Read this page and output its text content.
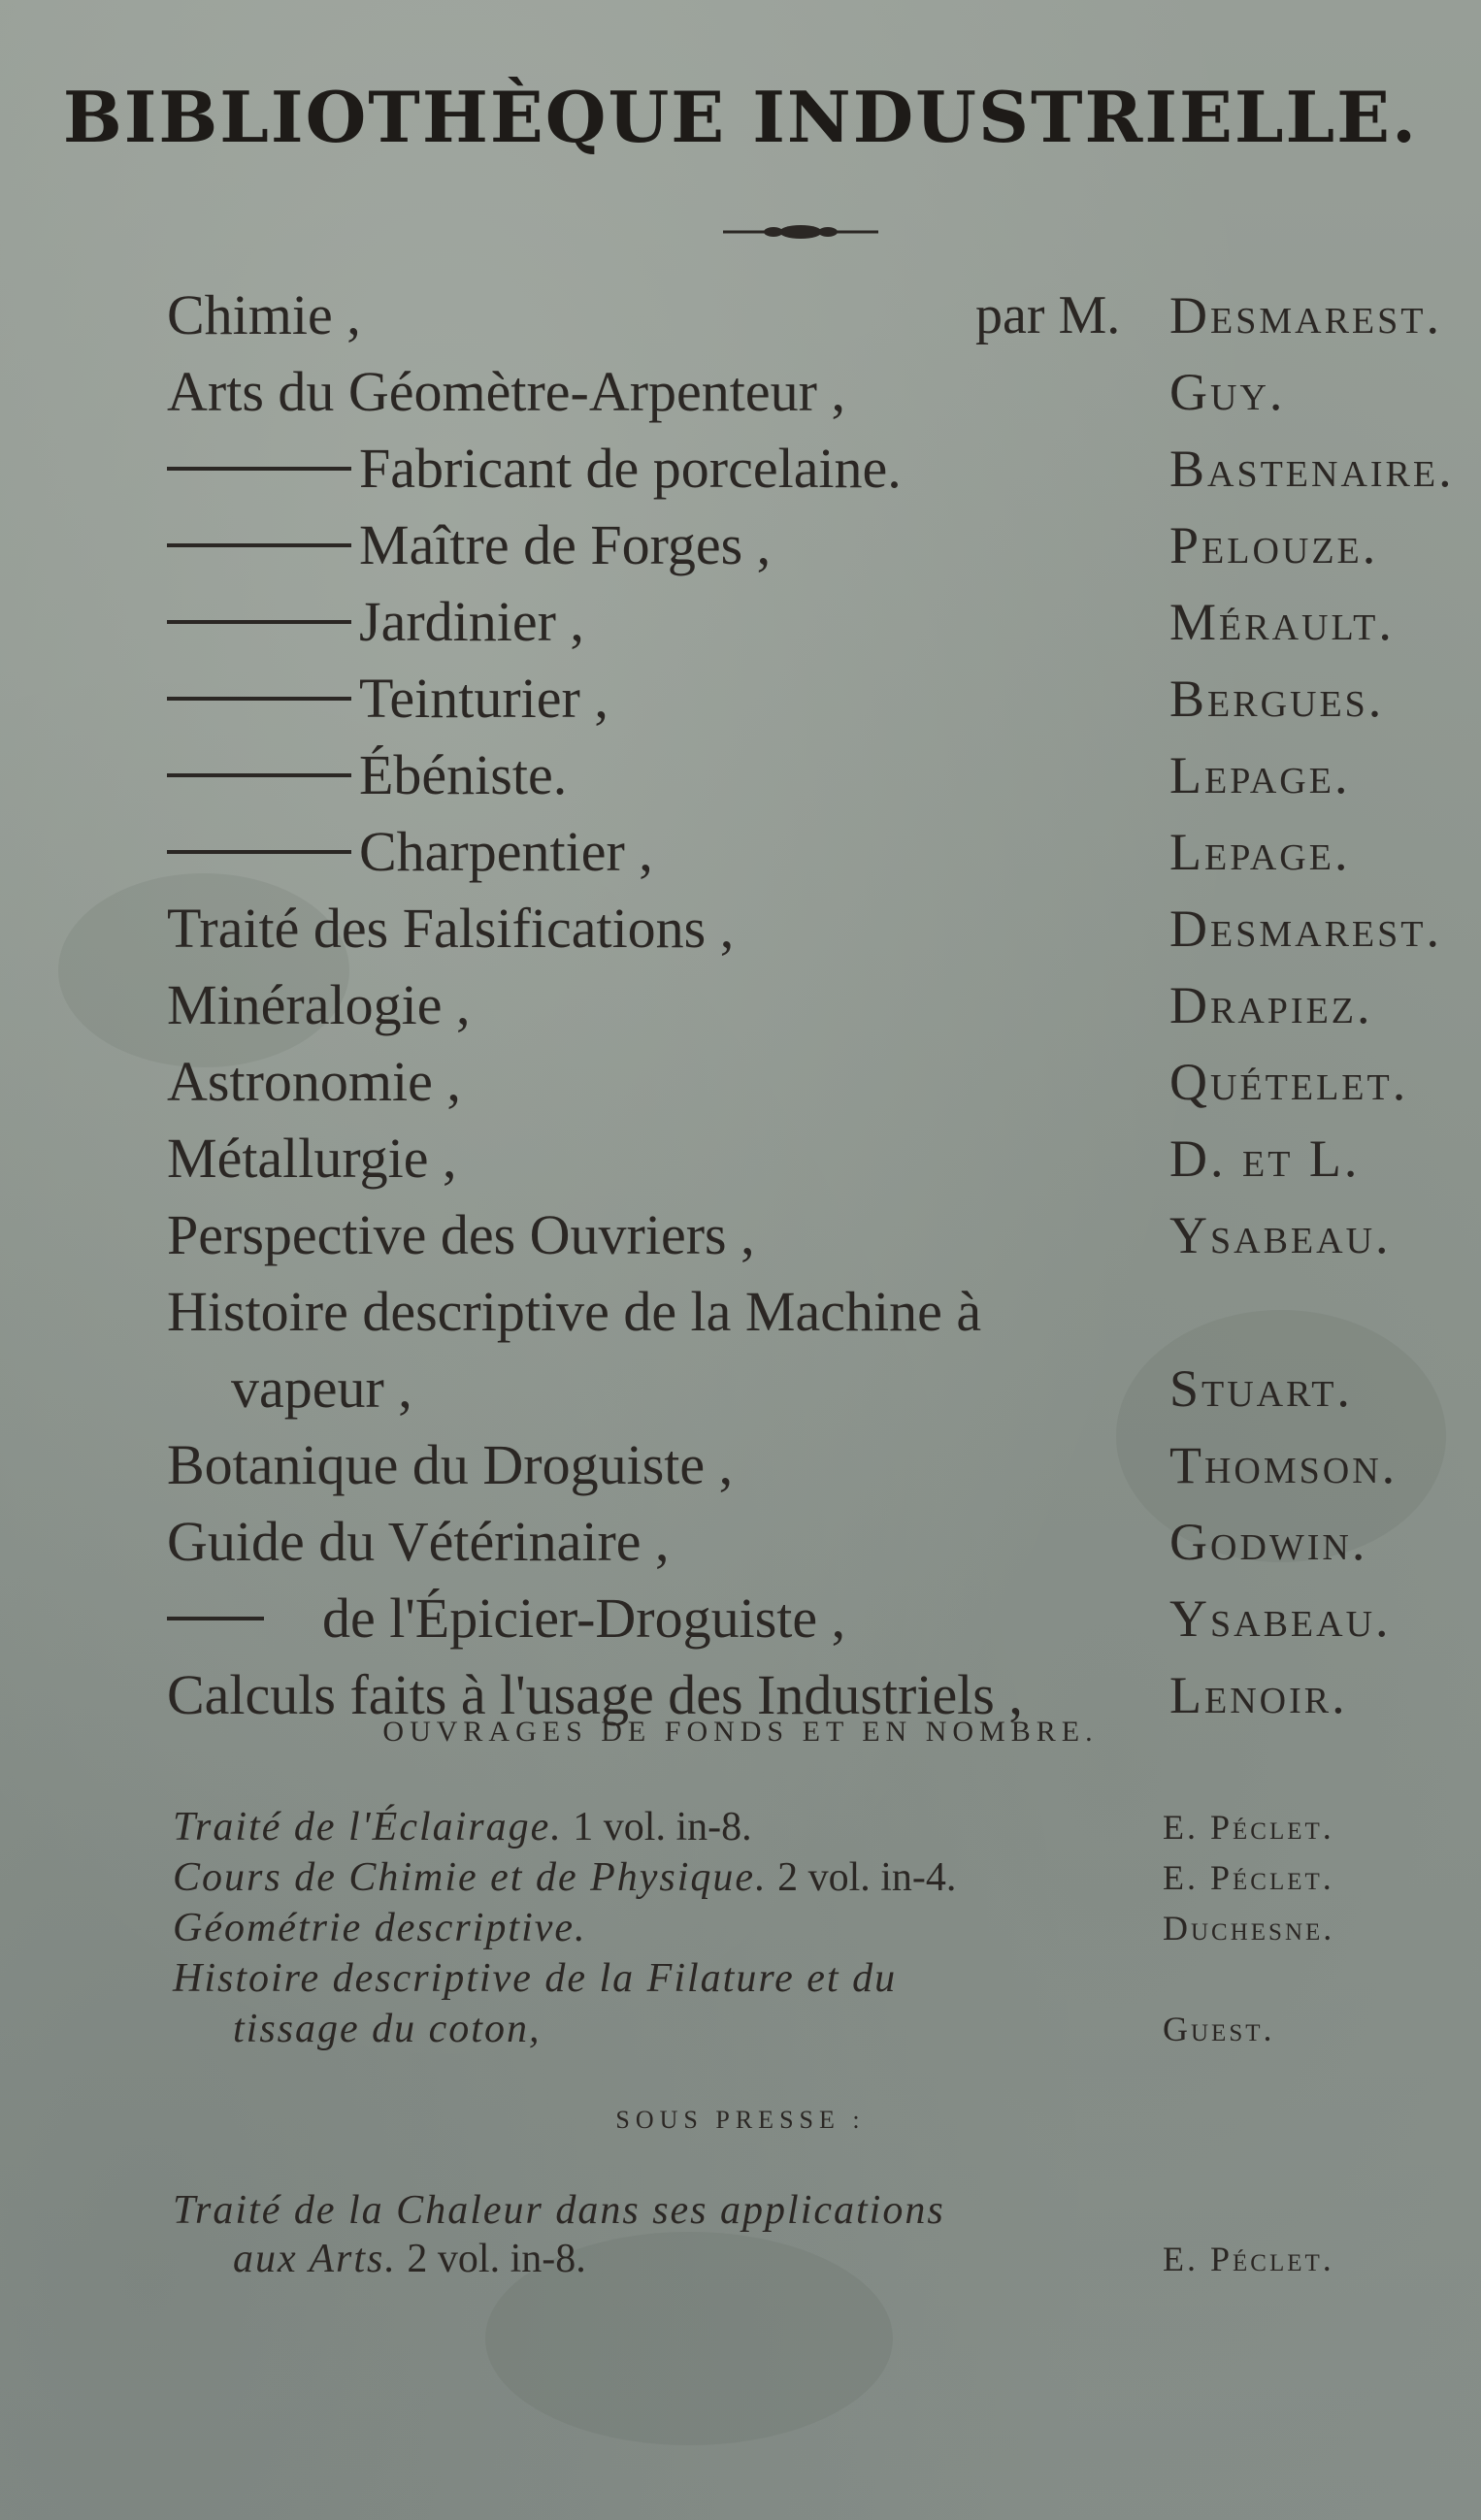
BIBLIOTHÈQUE INDUSTRIELLE.
Chimie ,	par M. Desmarest.
Arts du Géomètre-Arpenteur ,	Guy.
Fabricant de porcelaine.	Bastenaire.
Maître de Forges ,	Pelouze.
Jardinier ,	Mérault.
Teinturier ,	Bergues.
Ébéniste.	Lepage.
Charpentier ,	Lepage.
Traité des Falsifications ,	Desmarest.
Minéralogie ,	Drapiez.
Astronomie ,	Quételet.
Métallurgie ,	D. et L.
Perspective des Ouvriers ,	Ysabeau.
Histoire descriptive de la Machine à
vapeur ,	Stuart.
Botanique du Droguiste ,	Thomson.
Guide du Vétérinaire ,	Godwin.
de l'Épicier-Droguiste ,	Ysabeau.
Calculs faits à l'usage des Industriels ,	Lenoir.
OUVRAGES DE FONDS ET EN NOMBRE.
Traité de l'Éclairage. 1 vol. in-8.	E. Péclet.
Cours de Chimie et de Physique. 2 vol. in-4.	E. Péclet.
Géométrie descriptive.	Duchesne.
Histoire descriptive de la Filature et du
tissage du coton,	Guest.
SOUS PRESSE :
Traité de la Chaleur dans ses applications
aux Arts. 2 vol. in-8.	E. Péclet.
